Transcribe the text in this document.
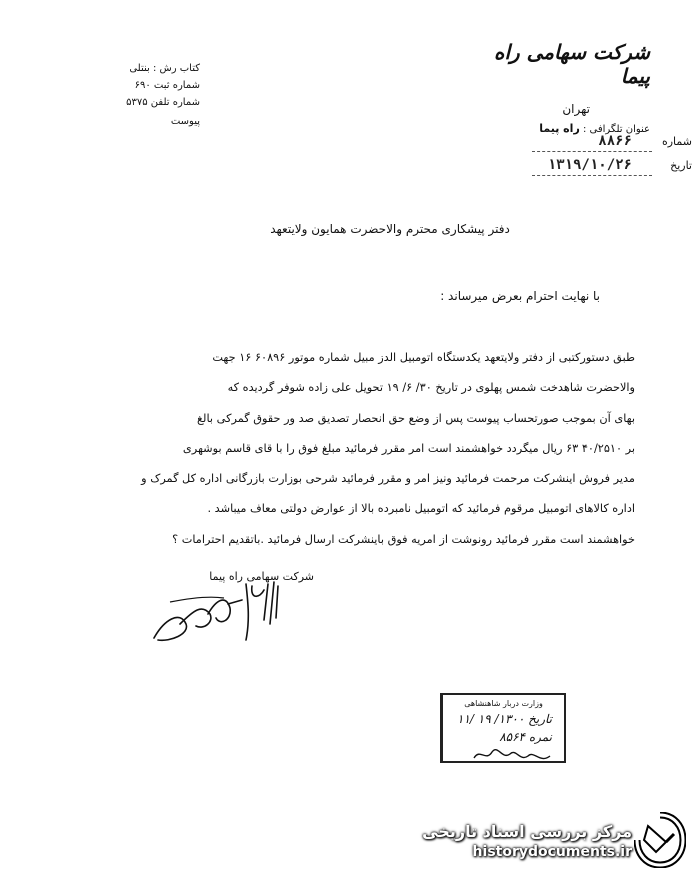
شرکت سهامی راه پیما
تهران
عنوان تلگرافی : راه پیما
شماره
۸۸۶۶
تاریخ
۱۳۱۹/۱۰/۲۶
کتاب رش : بنتلی
شماره ثبت ۶۹۰
شماره تلفن ۵۳۷۵
پیوست
دفتر پیشکاری محترم والاحضرت همایون ولایتعهد
با نهایت احترام بعرض میرساند :

طبق دستورکتبی از دفتر ولایتعهد یکدستگاه اتومبیل الدز مبیل شماره موتور ۶۰۸۹۶ ۱۶ جهت

والاحضرت شاهدخت شمس پهلوی در تاریخ ۳۰/ ۶/ ۱۹ تحویل علی زاده شوفر گردیده که

بهای آن بموجب صورتحساب پیوست پس از وضع حق انحصار تصدیق صد ور حقوق گمرکی بالغ

بر ۴۰/۲۵۱۰ ۶۳ ریال میگردد خواهشمند است امر مقرر فرمائید مبلغ فوق را با قای قاسم بوشهری

مدیر فروش اینشرکت مرحمت فرمائید ونیز امر و مقرر فرمائید شرحی بوزارت بازرگانی اداره کل گمرک و

اداره کالاهای اتومبیل مرقوم فرمائید که اتومبیل نامبرده بالا از عوارض دولتی معاف میباشد .

خواهشمند است مقرر فرمائید رونوشت از امریه فوق باینشرکت ارسال فرمائید .باتقدیم احترامات ؟

شرکت سهامی راه پیما
وزارت دربار شاهنشاهی
تاریخ ۱۳۰۰/ ۱۹ /۱۱
نمره ۸۵۶۴
مرکز بررسی اسناد تاریخی
historydocuments.ir
